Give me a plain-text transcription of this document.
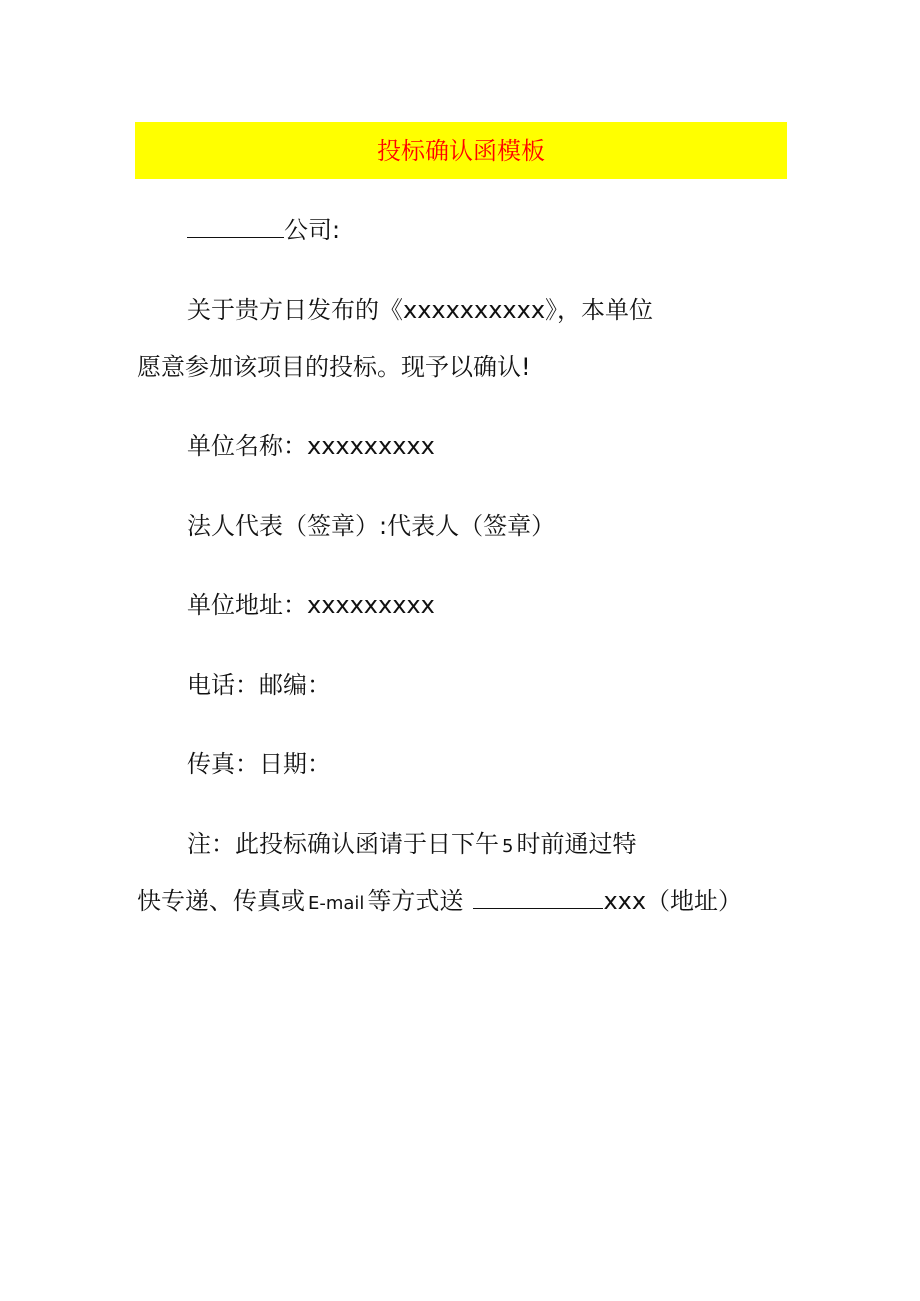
投标确认函模板
公司:
关于贵方日发布的《xxxxxxxxxx》，本单位
愿意参加该项目的投标。现予以确认!
单位名称：xxxxxxxxx
法人代表（签章）:代表人（签章）
单位地址：xxxxxxxxx
电话：邮编：
传真：日期：
注：此投标确认函请于日下午 5 时前通过特
快专递、传真或 E-mail 等方式送	xxx（地址）
